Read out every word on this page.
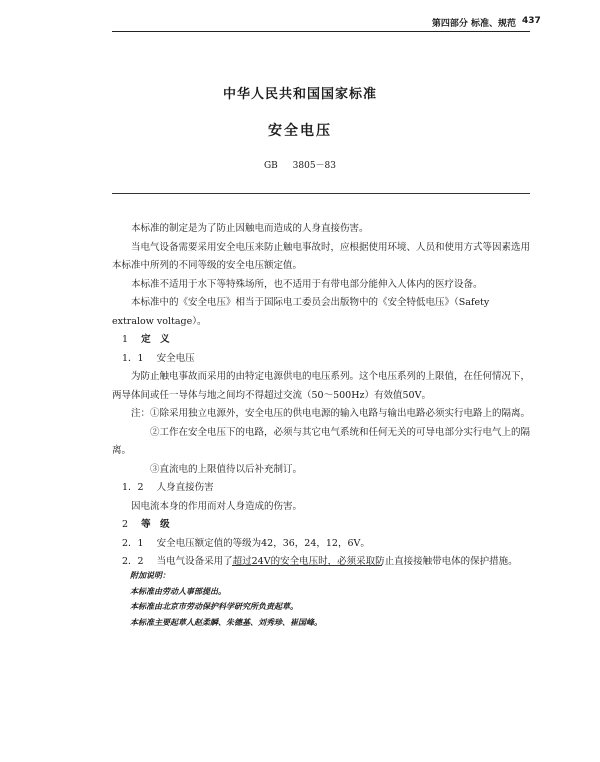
第四部分 标准、规范 437
中华人民共和国国家标准
安全电压
GB 3805－83

本标准的制定是为了防止因触电而造成的人身直接伤害。

当电气设备需要采用安全电压来防止触电事故时，应根据使用环境、人员和使用方式等因素选用本标准中所列的不同等级的安全电压额定值。

本标准不适用于水下等特殊场所，也不适用于有带电部分能伸入人体内的医疗设备。

本标准中的《安全电压》相当于国际电工委员会出版物中的《安全特低电压》（Safety extralow voltage）。

1 定　义

1．1 安全电压

为防止触电事故而采用的由特定电源供电的电压系列。这个电压系列的上限值，在任何情况下，两导体间或任一导体与地之间均不得超过交流（50～500Hz）有效值50V。

注：①除采用独立电源外，安全电压的供电电源的输入电路与输出电路必须实行电路上的隔离。

②工作在安全电压下的电路，必须与其它电气系统和任何无关的可导电部分实行电气上的隔离。

③直流电的上限值待以后补充制订。

1．2 人身直接伤害

因电流本身的作用而对人身造成的伤害。

2 等　级

2．1 安全电压额定值的等级为42，36，24，12，6V。

2．2 当电气设备采用了超过24V的安全电压时，必须采取防止直接接触带电体的保护措施。

附加说明：

本标准由劳动人事部提出。

本标准由北京市劳动保护科学研究所负责起草。

本标准主要起草人赵柔瞬、朱德基、刘秀珍、崔国峰。
